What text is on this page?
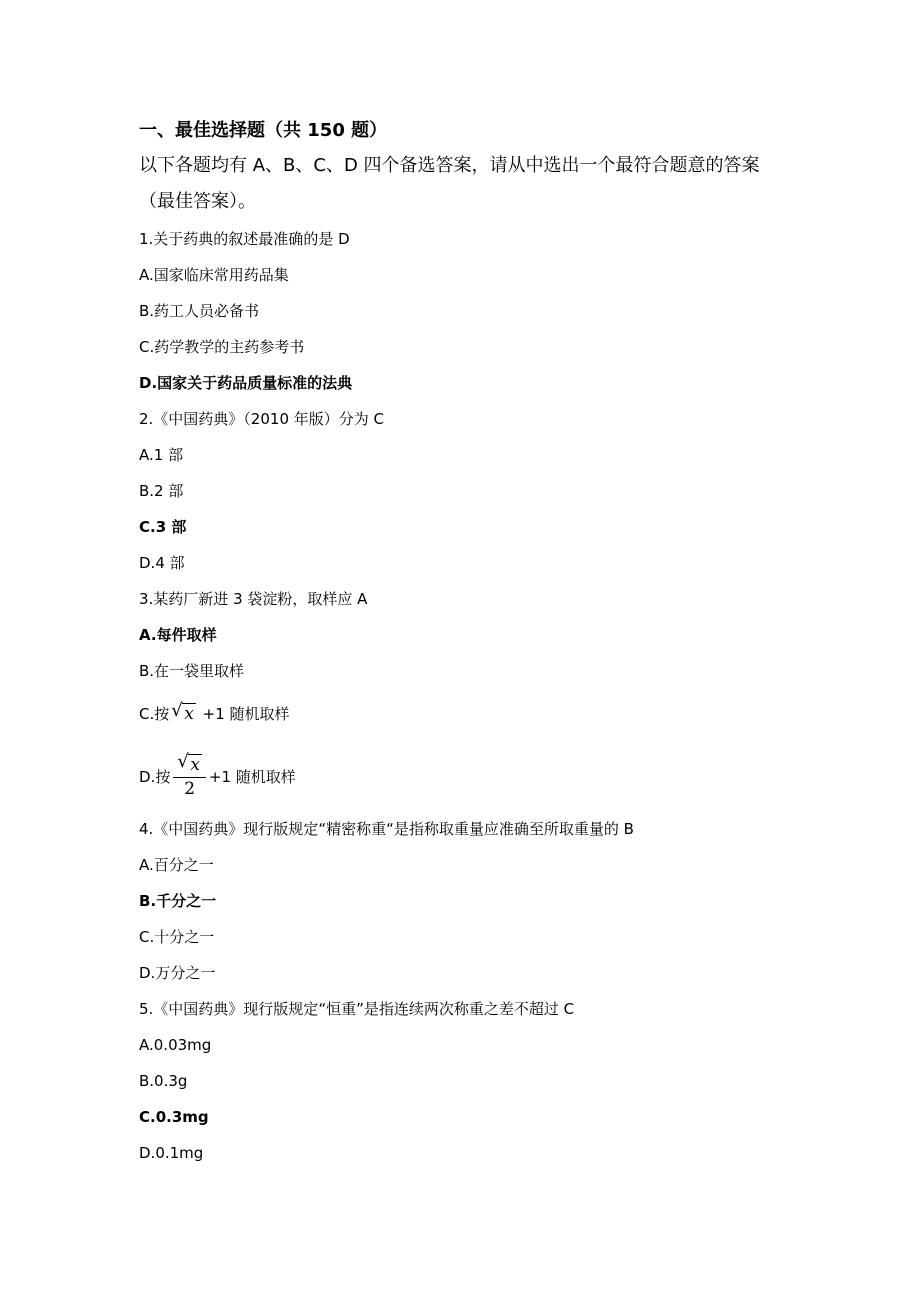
一、最佳选择题（共 150 题）
以下各题均有 A、B、C、D 四个备选答案，请从中选出一个最符合题意的答案
（最佳答案）。
1.关于药典的叙述最准确的是 D
A.国家临床常用药品集
B.药工人员必备书
C.药学教学的主药参考书
D.国家关于药品质量标准的法典
2.《中国药典》（2010 年版）分为 C
A.1 部
B.2 部
C.3 部
D.4 部
3.某药厂新进 3 袋淀粉，取样应 A
A.每件取样
B.在一袋里取样
C.按 √ x +1 随机取样
D.按 $\frac{√ x}{2} +1$ 随机取样
4.《中国药典》现行版规定“精密称重“是指称取重量应准确至所取重量的 B
A.百分之一
B.千分之一
C.十分之一
D.万分之一
5.《中国药典》现行版规定“恒重”是指连续两次称重之差不超过 C
A.0.03mg
B.0.3g
C.0.3mg
D.0.1mg
